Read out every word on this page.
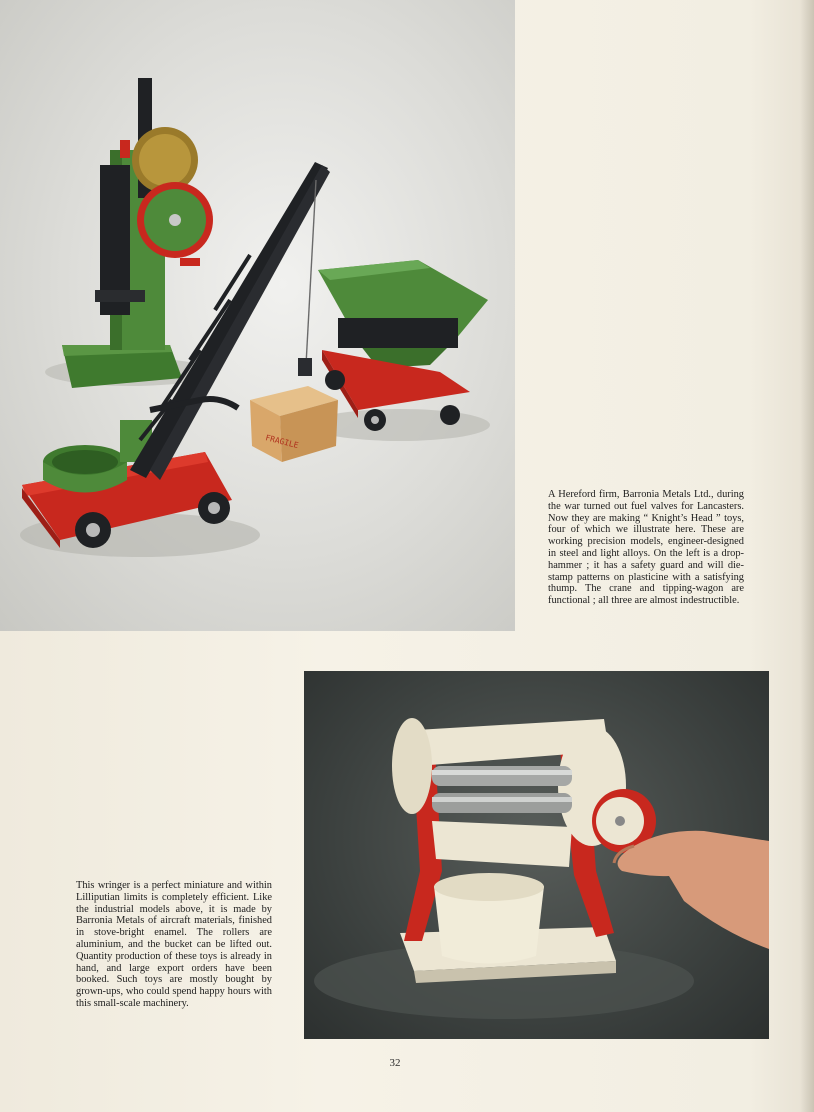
FRAGILE

A Hereford firm, Barronia Metals Ltd., during the war turned out fuel valves for Lancasters. Now they are making “ Knight’s Head ” toys, four of which we illustrate here. These are working precision models, engineer-designed in steel and light alloys. On the left is a drop-hammer ; it has a safety guard and will die-stamp patterns on plasticine with a satisfying thump. The crane and tipping-wagon are functional ; all three are almost indestructible.

This wringer is a perfect miniature and within Lilliputian limits is completely efficient. Like the industrial models above, it is made by Barronia Metals of aircraft materials, finished in stove-bright enamel. The rollers are aluminium, and the bucket can be lifted out. Quantity production of these toys is already in hand, and large export orders have been booked. Such toys are mostly bought by grown-ups, who could spend happy hours with this small-scale machinery.

32
